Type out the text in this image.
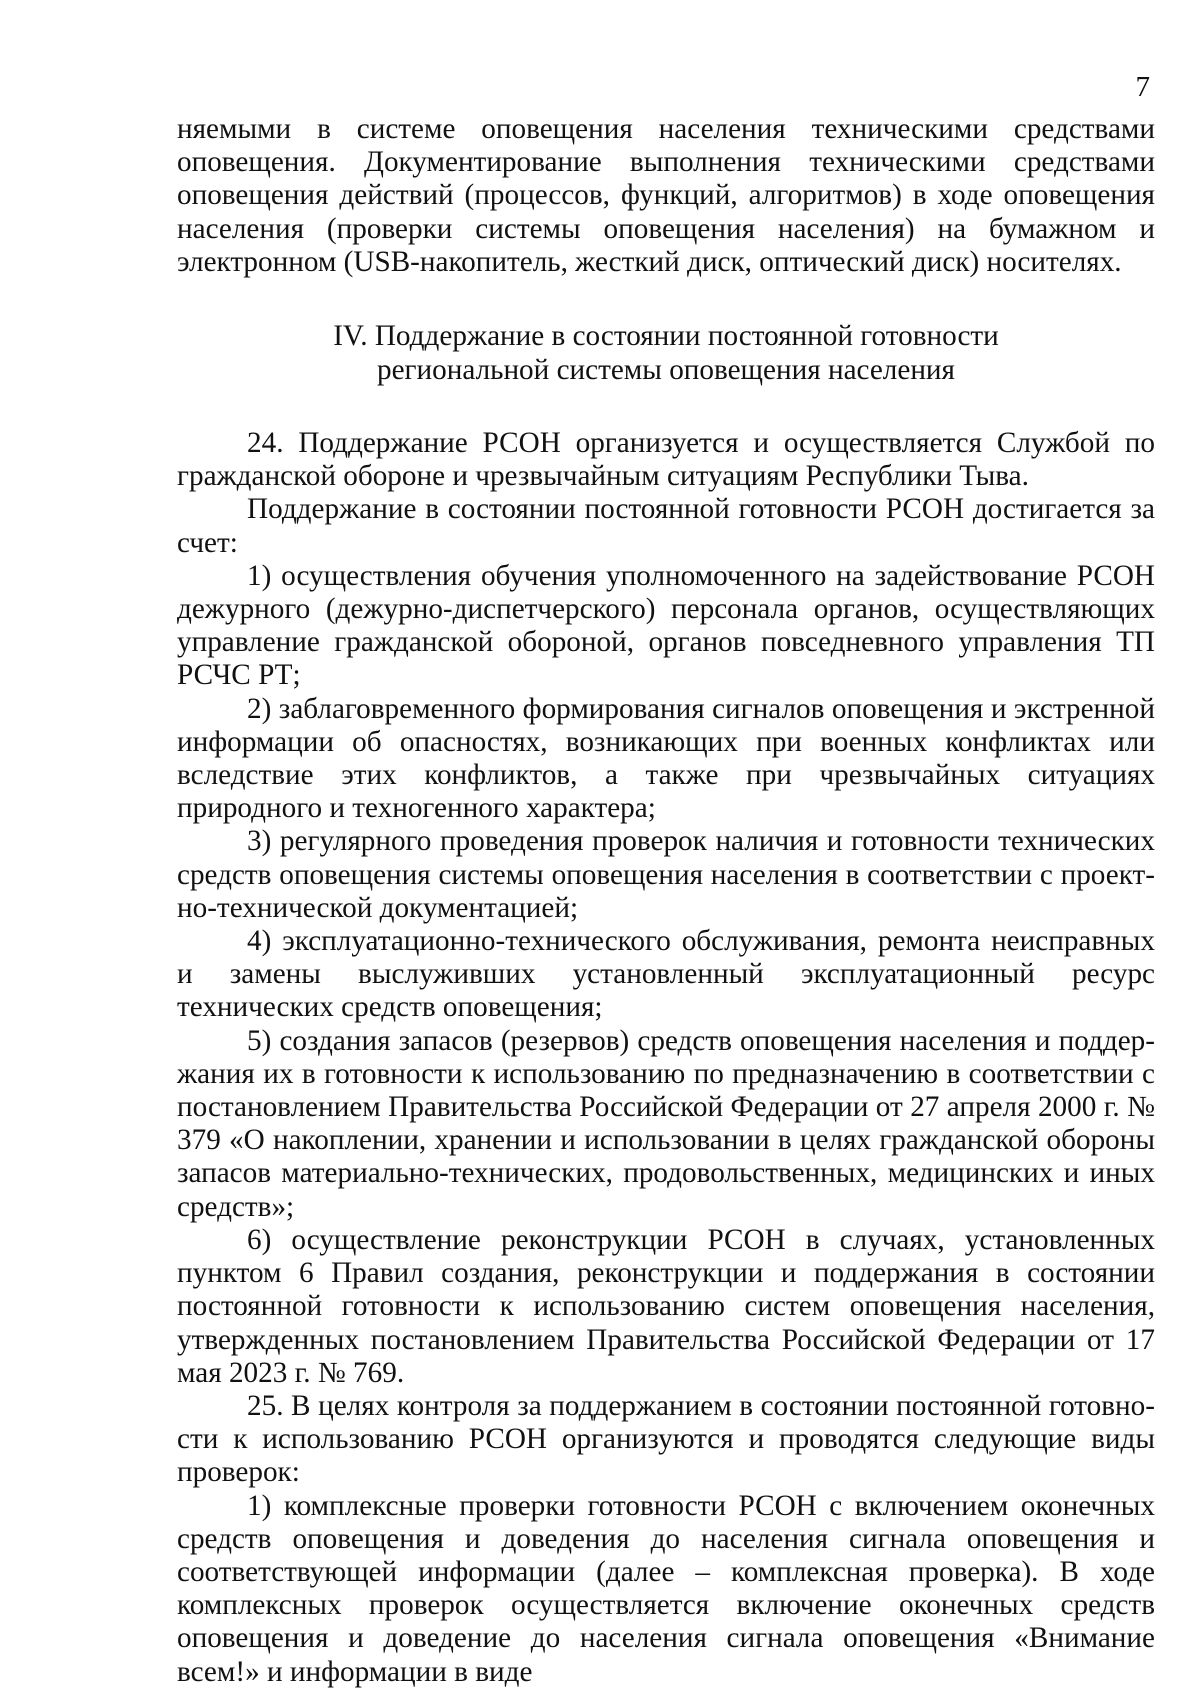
7

няемыми в системе оповещения населения техническими средствами оповещения. Документирование выполнения техническими средствами оповещения действий (процессов, функций, алгоритмов) в ходе оповещения населения (проверки системы оповещения населения) на бумажном и электронном (USB-накопитель, жесткий диск, оптический диск) носителях.

IV. Поддержание в состоянии постоянной готовности
региональной системы оповещения населения

24. Поддержание РСОН организуется и осуществляется Службой по гражданской обороне и чрезвычайным ситуациям Республики Тыва.

Поддержание в состоянии постоянной готовности РСОН достигается за счет:

1) осуществления обучения уполномоченного на задействование РСОН дежурного (дежурно-диспетчерского) персонала органов, осуществляющих управление гражданской обороной, органов повседневного управления ТП РСЧС РТ;

2) заблаговременного формирования сигналов оповещения и экстренной информации об опасностях, возникающих при военных конфликтах или вследствие этих конфликтов, а также при чрезвычайных ситуациях природного и техногенного характера;

3) регулярного проведения проверок наличия и готовности технических средств оповещения системы оповещения населения в соответствии с проектно-технической документацией;

4) эксплуатационно-технического обслуживания, ремонта неисправных и замены выслуживших установленный эксплуатационный ресурс технических средств оповещения;

5) создания запасов (резервов) средств оповещения населения и поддержания их в готовности к использованию по предназначению в соответствии с постановлением Правительства Российской Федерации от 27 апреля 2000 г. № 379 «О накоплении, хранении и использовании в целях гражданской обороны запасов материально-технических, продовольственных, медицинских и иных средств»;

6) осуществление реконструкции РСОН в случаях, установленных пунктом 6 Правил создания, реконструкции и поддержания в состоянии постоянной готовности к использованию систем оповещения населения, утвержденных постановлением Правительства Российской Федерации от 17 мая 2023 г. № 769.

25. В целях контроля за поддержанием в состоянии постоянной готовности к использованию РСОН организуются и проводятся следующие виды проверок:

1) комплексные проверки готовности РСОН с включением оконечных средств оповещения и доведения до населения сигнала оповещения и соответствующей информации (далее – комплексная проверка). В ходе комплексных проверок осуществляется включение оконечных средств оповещения и доведение до населения сигнала оповещения «Внимание всем!» и информации в виде
